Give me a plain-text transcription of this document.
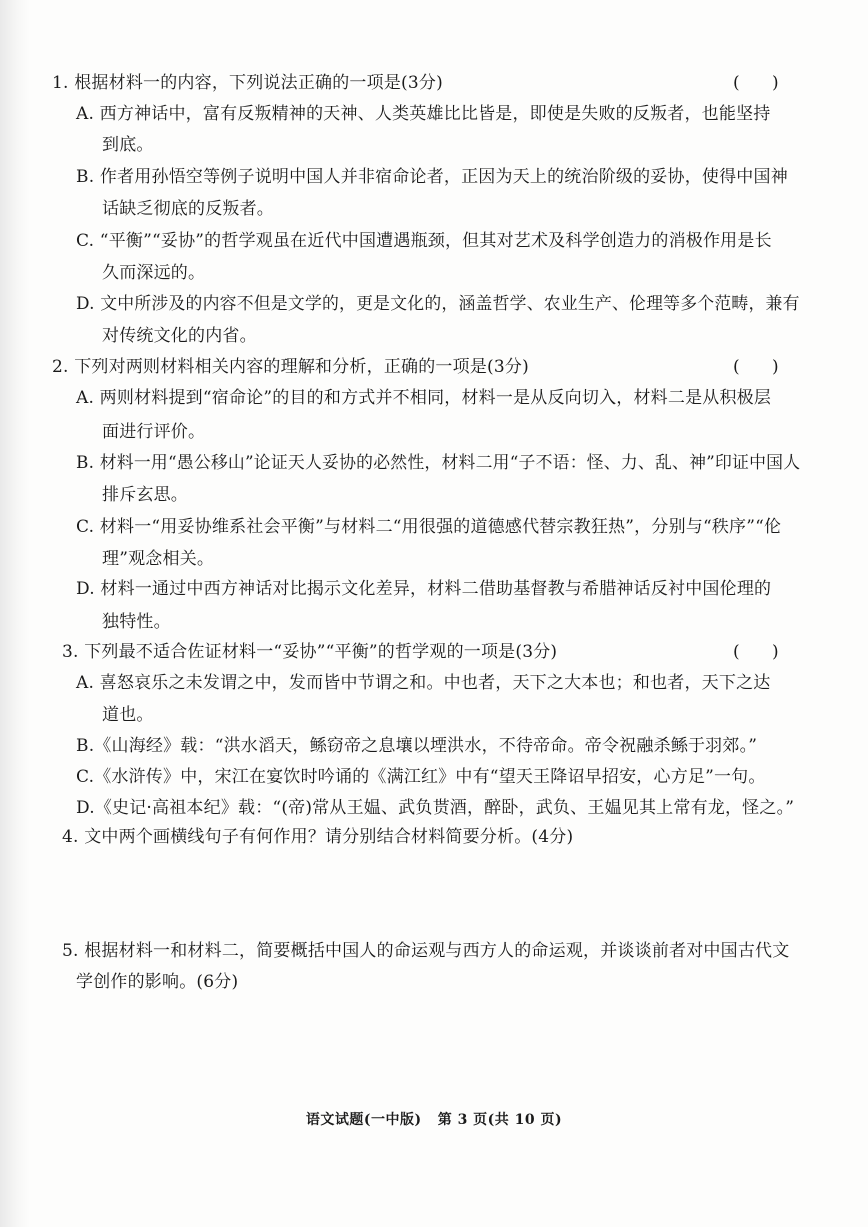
1. 根据材料一的内容，下列说法正确的一项是(3分)	(      )
A. 西方神话中，富有反叛精神的天神、人类英雄比比皆是，即使是失败的反叛者，也能坚持
到底。
B. 作者用孙悟空等例子说明中国人并非宿命论者，正因为天上的统治阶级的妥协，使得中国神
话缺乏彻底的反叛者。
C. “平衡”“妥协”的哲学观虽在近代中国遭遇瓶颈，但其对艺术及科学创造力的消极作用是长
久而深远的。
D. 文中所涉及的内容不但是文学的，更是文化的，涵盖哲学、农业生产、伦理等多个范畴，兼有
对传统文化的内省。
2. 下列对两则材料相关内容的理解和分析，正确的一项是(3分)	(      )
A. 两则材料提到“宿命论”的目的和方式并不相同，材料一是从反向切入，材料二是从积极层
面进行评价。
B. 材料一用“愚公移山”论证天人妥协的必然性，材料二用“子不语：怪、力、乱、神”印证中国人
排斥玄思。
C. 材料一“用妥协维系社会平衡”与材料二“用很强的道德感代替宗教狂热”，分别与“秩序”“伦
理”观念相关。
D. 材料一通过中西方神话对比揭示文化差异，材料二借助基督教与希腊神话反衬中国伦理的
独特性。
3. 下列最不适合佐证材料一“妥协”“平衡”的哲学观的一项是(3分)	(      )
A. 喜怒哀乐之未发谓之中，发而皆中节谓之和。中也者，天下之大本也；和也者，天下之达
道也。
B.《山海经》载：“洪水滔天，鲧窃帝之息壤以堙洪水，不待帝命。帝令祝融杀鲧于羽郊。”
C.《水浒传》中，宋江在宴饮时吟诵的《满江红》中有“望天王降诏早招安，心方足”一句。
D.《史记·高祖本纪》载：“(帝)常从王媪、武负贳酒，醉卧，武负、王媪见其上常有龙，怪之。”
4. 文中两个画横线句子有何作用？请分别结合材料简要分析。(4分)
5. 根据材料一和材料二，简要概括中国人的命运观与西方人的命运观，并谈谈前者对中国古代文
学创作的影响。(6分)
语文试题(一中版)   第 3 页(共 10 页)
